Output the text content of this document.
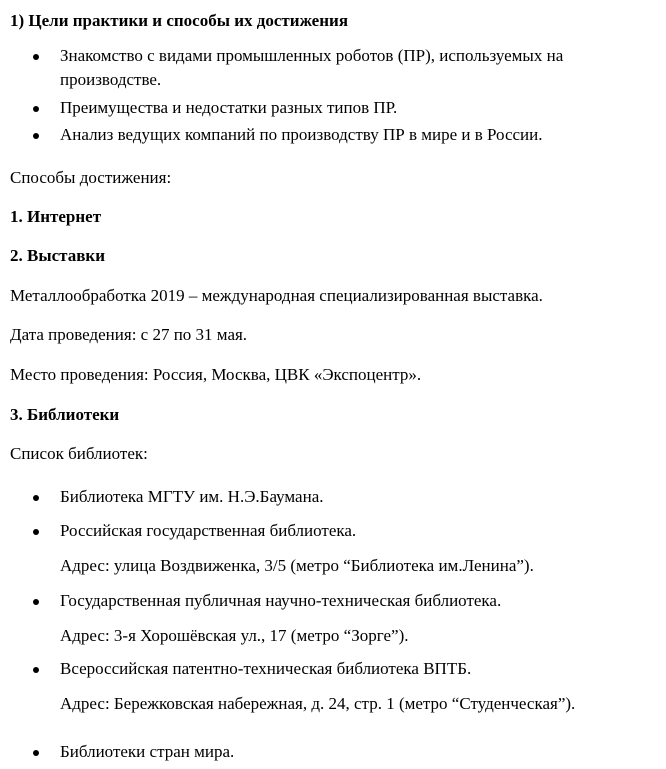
1) Цели практики и способы их достижения
Знакомство с видами промышленных роботов (ПР), используемых на
производстве.
Преимущества и недостатки разных типов ПР.
Анализ ведущих компаний по производству ПР в мире и в России.
Способы достижения:
1. Интернет
2. Выставки
Металлообработка 2019 – международная специализированная выставка.
Дата проведения: с 27 по 31 мая.
Место проведения: Россия, Москва, ЦВК «Экспоцентр».
3. Библиотеки
Список библиотек:
Библиотека МГТУ им. Н.Э.Баумана.
Российская государственная библиотека.
Адрес: улица Воздвиженка, 3/5 (метро “Библиотека им.Ленина”).
Государственная публичная научно-техническая библиотека.
Адрес: 3-я Хорошёвская ул., 17 (метро “Зорге”).
Всероссийская патентно-техническая библиотека ВПТБ.
Адрес: Бережковская набережная, д. 24, стр. 1 (метро “Студенческая”).
Библиотеки стран мира.
